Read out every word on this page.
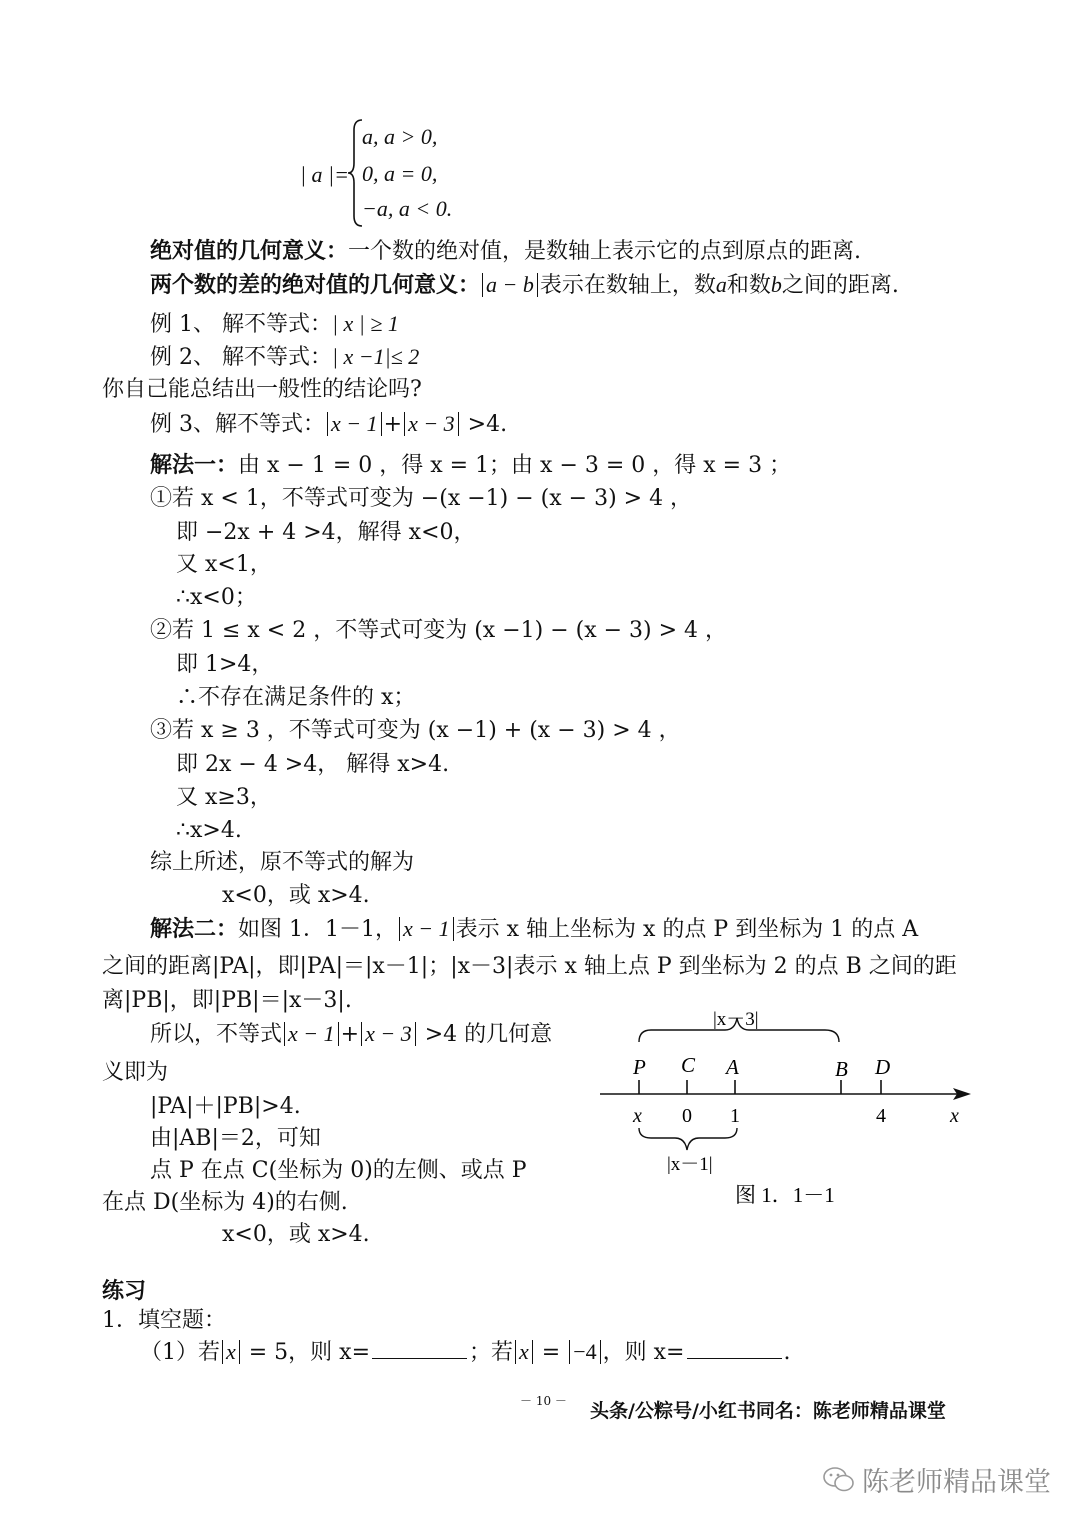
| a |=
a, a > 0,
0, a = 0,
−a, a < 0.
绝对值的几何意义：一个数的绝对值，是数轴上表示它的点到原点的距离.
两个数的差的绝对值的几何意义： a − b 表示在数轴上，数a和数b之间的距离.
例 1、 解不等式：| x | ≥ 1
例 2、 解不等式：| x −1|≤ 2
你自己能总结出一般性的结论吗?
例 3、解不等式： x − 1 + x − 3 >4.
解法一：由 x − 1 = 0 ，得 x = 1；由 x − 3 = 0 ，得 x = 3 ；
①若 x < 1，不等式可变为 −(x −1) − (x − 3) > 4 ，
即 −2x + 4 >4，解得 x<0，
又 x<1，
∴x<0；
②若 1 ≤ x < 2 ，不等式可变为 (x −1) − (x − 3) > 4 ，
即 1>4，
∴不存在满足条件的 x；
③若 x ≥ 3 ，不等式可变为 (x −1) + (x − 3) > 4 ，
即 2x − 4 >4， 解得 x>4.
又 x≥3，
∴x>4.
综上所述，原不等式的解为
x<0，或 x>4.
解法二：如图 1．1－1， x − 1 表示 x 轴上坐标为 x 的点 P 到坐标为 1 的点 A
之间的距离|PA|，即|PA|＝|x－1|；|x－3|表示 x 轴上点 P 到坐标为 2 的点 B 之间的距
离|PB|，即|PB|＝|x－3|.
所以，不等式 x − 1 + x − 3 >4 的几何意
义即为
|PA|＋|PB|>4.
由|AB|＝2，可知
点 P 在点 C(坐标为 0)的左侧、或点 P
在点 D(坐标为 4)的右侧.
x<0，或 x>4.
|x－3|
P C A	B D
x 0 1	4	x
|x－1|
图 1．1－1
练习
1．填空题：
（1）若 x = 5，则 x=	；若 x = −4 ，则 x=	.
－ 10 － 头条/公粽号/小红书同名：陈老师精品课堂
陈老师精品课堂
